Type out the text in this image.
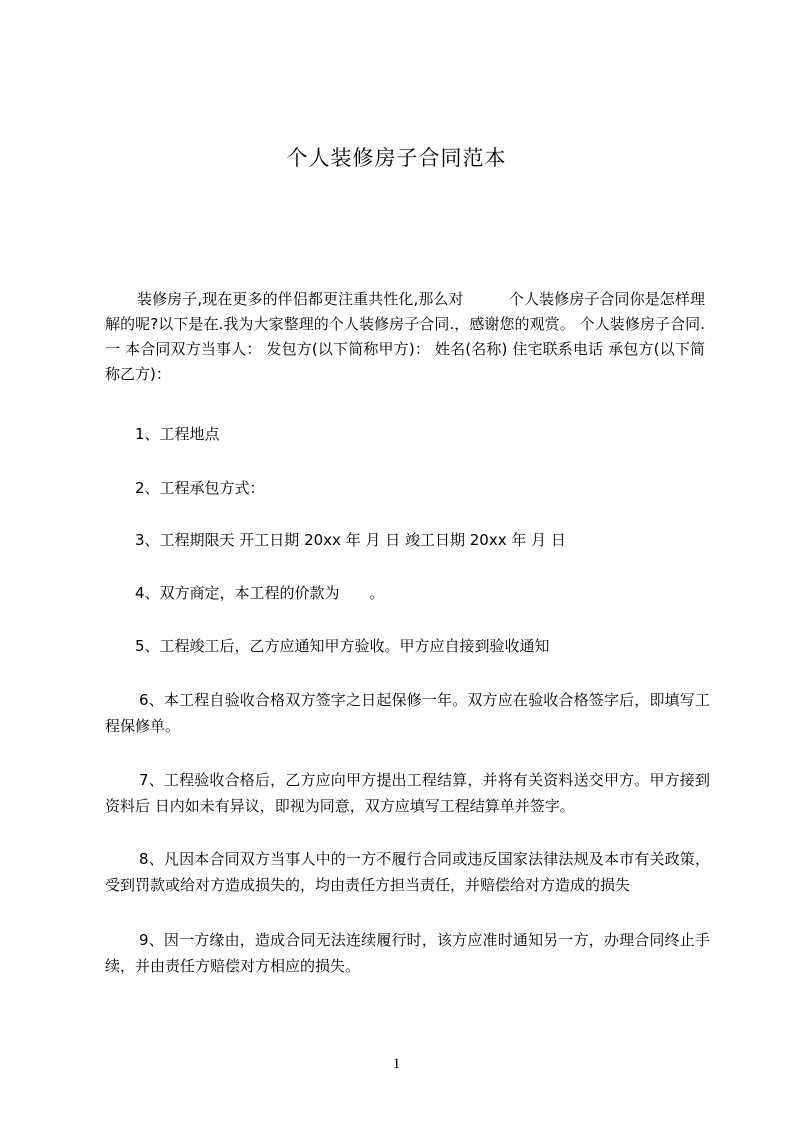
个人装修房子合同范本
装修房子,现在更多的伴侣都更注重共性化,那么对　　　个人装修房子合同你是怎样理解的呢?以下是在.我为大家整理的个人装修房子合同.，感谢您的观赏。 个人装修房子合同.一 本合同双方当事人： 发包方(以下简称甲方)： 姓名(名称) 住宅联系电话 承包方(以下简称乙方)：
1、工程地点
2、工程承包方式：
3、工程期限天 开工日期 20xx 年 月 日 竣工日期 20xx 年 月 日
4、双方商定，本工程的价款为　　。
5、工程竣工后，乙方应通知甲方验收。甲方应自接到验收通知
6、本工程自验收合格双方签字之日起保修一年。双方应在验收合格签字后，即填写工程保修单。
7、工程验收合格后，乙方应向甲方提出工程结算，并将有关资料送交甲方。甲方接到资料后 日内如未有异议，即视为同意，双方应填写工程结算单并签字。
8、凡因本合同双方当事人中的一方不履行合同或违反国家法律法规及本市有关政策，受到罚款或给对方造成损失的，均由责任方担当责任，并赔偿给对方造成的损失
9、因一方缘由，造成合同无法连续履行时，该方应准时通知另一方，办理合同终止手续，并由责任方赔偿对方相应的损失。
1
